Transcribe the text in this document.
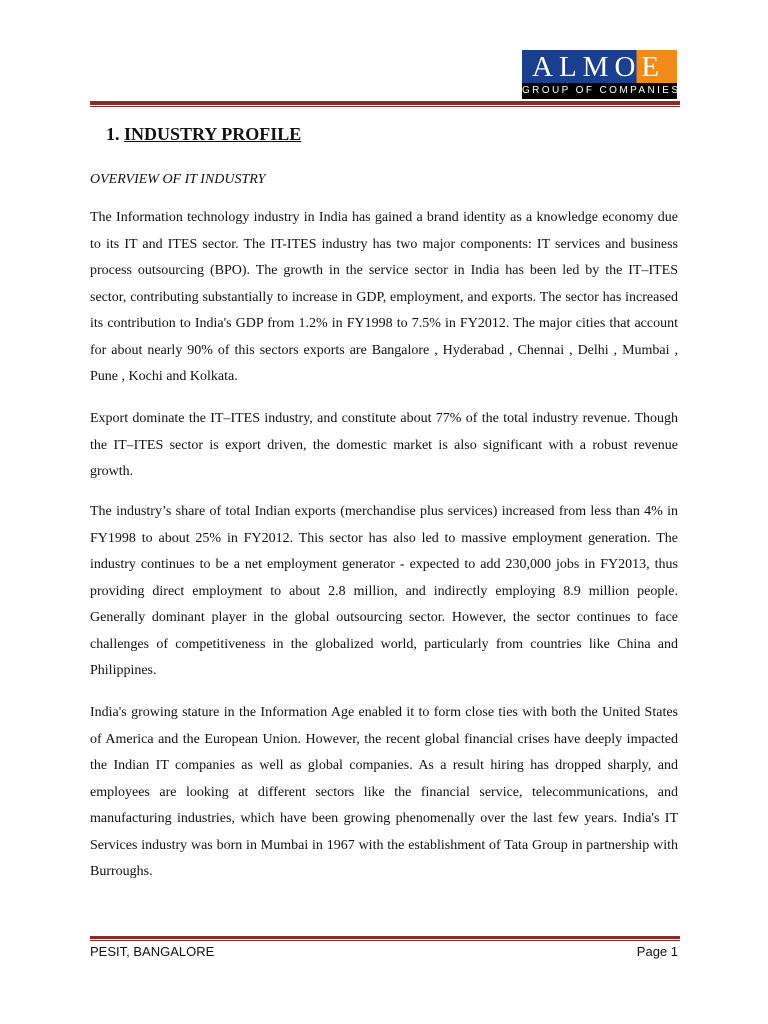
ALMOE
GROUP OF COMPANIES
1. INDUSTRY PROFILE
OVERVIEW OF IT INDUSTRY
The Information technology industry in India has gained a brand identity as a knowledge economy due to its IT and ITES sector. The IT-ITES industry has two major components: IT services and business process outsourcing (BPO). The growth in the service sector in India has been led by the IT–ITES sector, contributing substantially to increase in GDP, employment, and exports. The sector has increased its contribution to India's GDP from 1.2% in FY1998 to 7.5% in FY2012. The major cities that account for about nearly 90% of this sectors exports are Bangalore , Hyderabad , Chennai , Delhi , Mumbai , Pune , Kochi and Kolkata.
Export dominate the IT–ITES industry, and constitute about 77% of the total industry revenue. Though the IT–ITES sector is export driven, the domestic market is also significant with a robust revenue growth.
The industry’s share of total Indian exports (merchandise plus services) increased from less than 4% in FY1998 to about 25% in FY2012. This sector has also led to massive employment generation. The industry continues to be a net employment generator - expected to add 230,000 jobs in FY2013, thus providing direct employment to about 2.8 million, and indirectly employing 8.9 million people. Generally dominant player in the global outsourcing sector. However, the sector continues to face challenges of competitiveness in the globalized world, particularly from countries like China and Philippines.
India's growing stature in the Information Age enabled it to form close ties with both the United States of America and the European Union. However, the recent global financial crises have deeply impacted the Indian IT companies as well as global companies. As a result hiring has dropped sharply, and employees are looking at different sectors like the financial service, telecommunications, and manufacturing industries, which have been growing phenomenally over the last few years. India's IT Services industry was born in Mumbai in 1967 with the establishment of Tata Group in partnership with Burroughs.
PESIT, BANGALORE	Page 1
